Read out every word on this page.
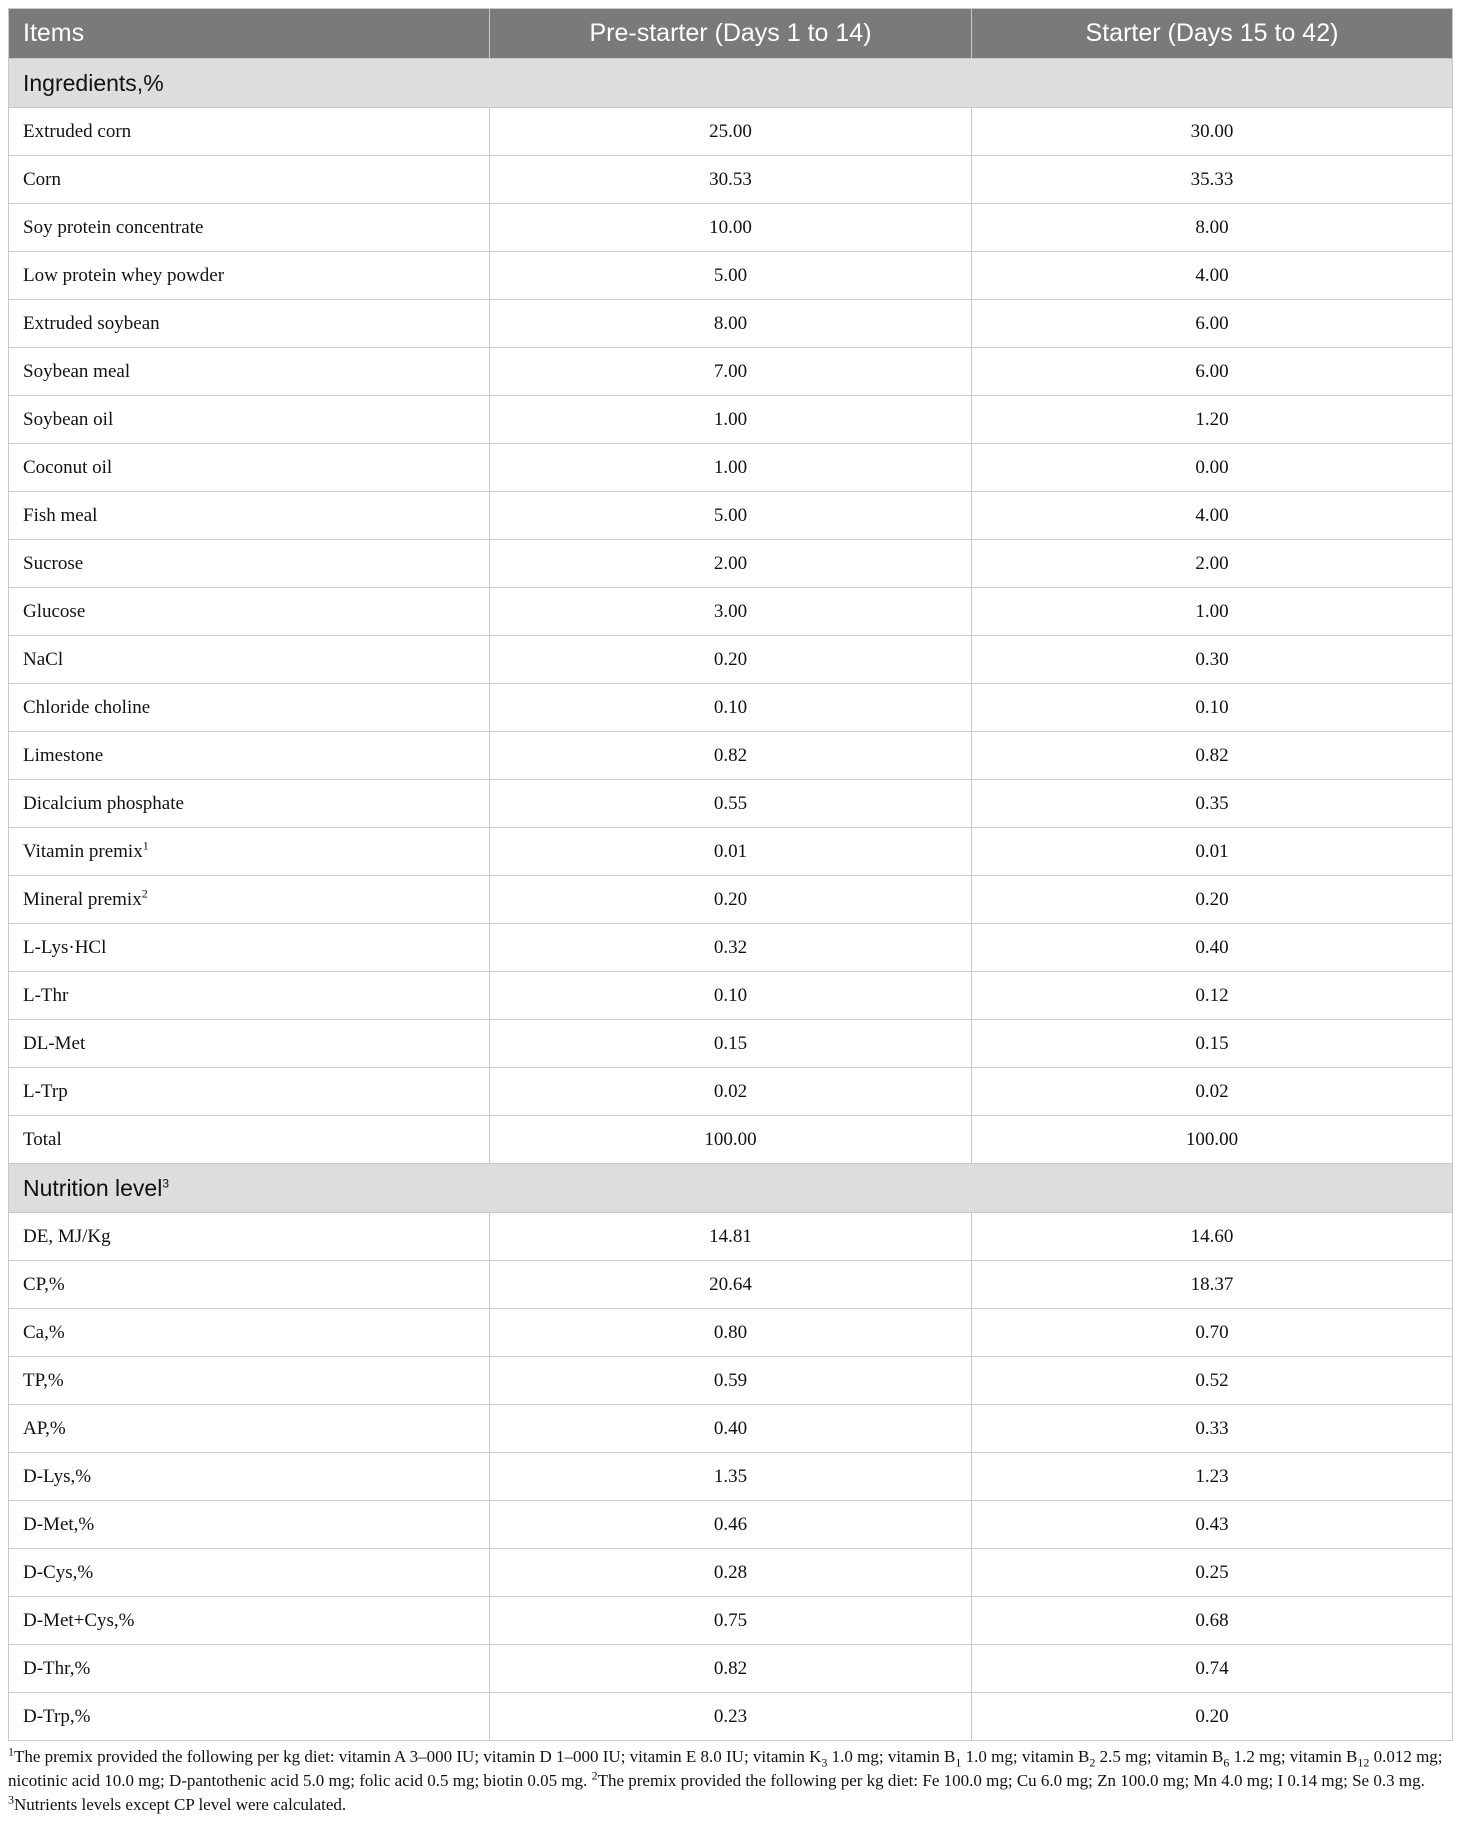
Items	Pre-starter (Days 1 to 14)	Starter (Days 15 to 42)
Ingredients,%		
Extruded corn	25.00	30.00
Corn	30.53	35.33
Soy protein concentrate	10.00	8.00
Low protein whey powder	5.00	4.00
Extruded soybean	8.00	6.00
Soybean meal	7.00	6.00
Soybean oil	1.00	1.20
Coconut oil	1.00	0.00
Fish meal	5.00	4.00
Sucrose	2.00	2.00
Glucose	3.00	1.00
NaCl	0.20	0.30
Chloride choline	0.10	0.10
Limestone	0.82	0.82
Dicalcium phosphate	0.55	0.35
Vitamin premix$^1$	0.01	0.01
Mineral premix$^2$	0.20	0.20
L-Lys·HCl	0.32	0.40
L-Thr	0.10	0.12
DL-Met	0.15	0.15
L-Trp	0.02	0.02
Total	100.00	100.00
Nutrition level$^3$
DE, MJ/Kg	14.81	14.60
CP,%	20.64	18.37
Ca,%	0.80	0.70
TP,%	0.59	0.52
AP,%	0.40	0.33
D-Lys,%	1.35	1.23
D-Met,%	0.46	0.43
D-Cys,%	0.28	0.25
D-Met+Cys,%	0.75	0.68
D-Thr,%	0.82	0.74
D-Trp,%	0.23	0.20
$^1$The premix provided the following per kg diet: vitamin A 3–000 IU; vitamin D 1–000 IU; vitamin E 8.0 IU; vitamin $K_3$ 1.0 mg; vitamin $B_1$ 1.0 mg; vitamin $B_2$ 2.5 mg; vitamin $B_6$ 1.2 mg; vitamin $B_{12}$ 0.012 mg; nicotinic acid 10.0 mg; D-pantothenic acid 5.0 mg; folic acid 0.5 mg; biotin 0.05 mg. $^2$The premix provided the following per kg diet: Fe 100.0 mg; Cu 6.0 mg; Zn 100.0 mg; Mn 4.0 mg; I 0.14 mg; Se 0.3 mg. $^3$Nutrients levels except CP level were calculated.
